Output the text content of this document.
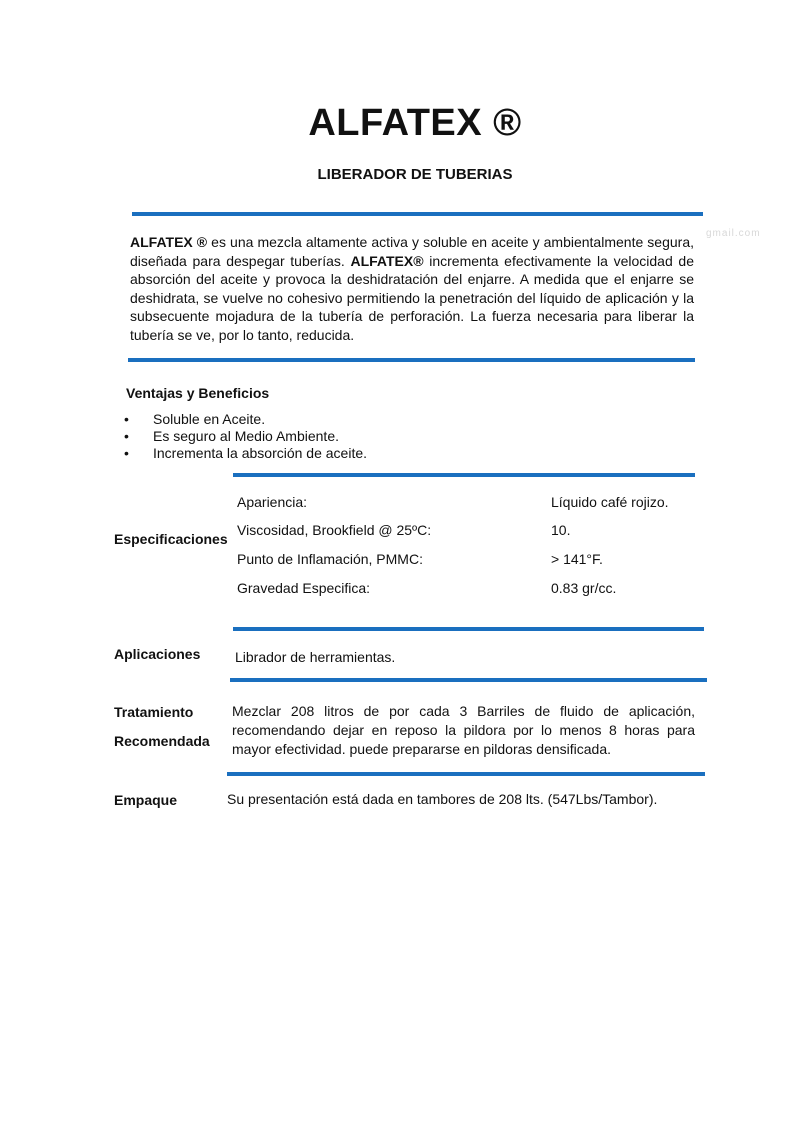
ALFATEX ®
LIBERADOR DE TUBERIAS
gmail.com
ALFATEX ® es una mezcla altamente activa y soluble en aceite y ambientalmente segura, diseñada para despegar tuberías. ALFATEX® incrementa efectivamente la velocidad de absorción del aceite y provoca la deshidratación del enjarre. A medida que el enjarre se deshidrata, se vuelve no cohesivo permitiendo la penetración del líquido de aplicación y la subsecuente mojadura de la tubería de perforación. La fuerza necesaria para liberar la tubería se ve, por lo tanto, reducida.
Ventajas y Beneficios
• Soluble en Aceite.
• Es seguro al Medio Ambiente.
• Incrementa la absorción de aceite.
Especificaciones
Apariencia:	Líquido café rojizo.
Viscosidad, Brookfield @ 25ºC:	10.
Punto de Inflamación, PMMC:	> 141°F.
Gravedad Especifica:	0.83 gr/cc.
Aplicaciones Librador de herramientas.
Tratamiento
Recomendada
Mezclar 208 litros de por cada 3 Barriles de fluido de aplicación, recomendando dejar en reposo la pildora por lo menos 8 horas para mayor efectividad. puede prepararse en pildoras densificada.
Empaque	Su presentación está dada en tambores de 208 lts. (547Lbs/Tambor).
